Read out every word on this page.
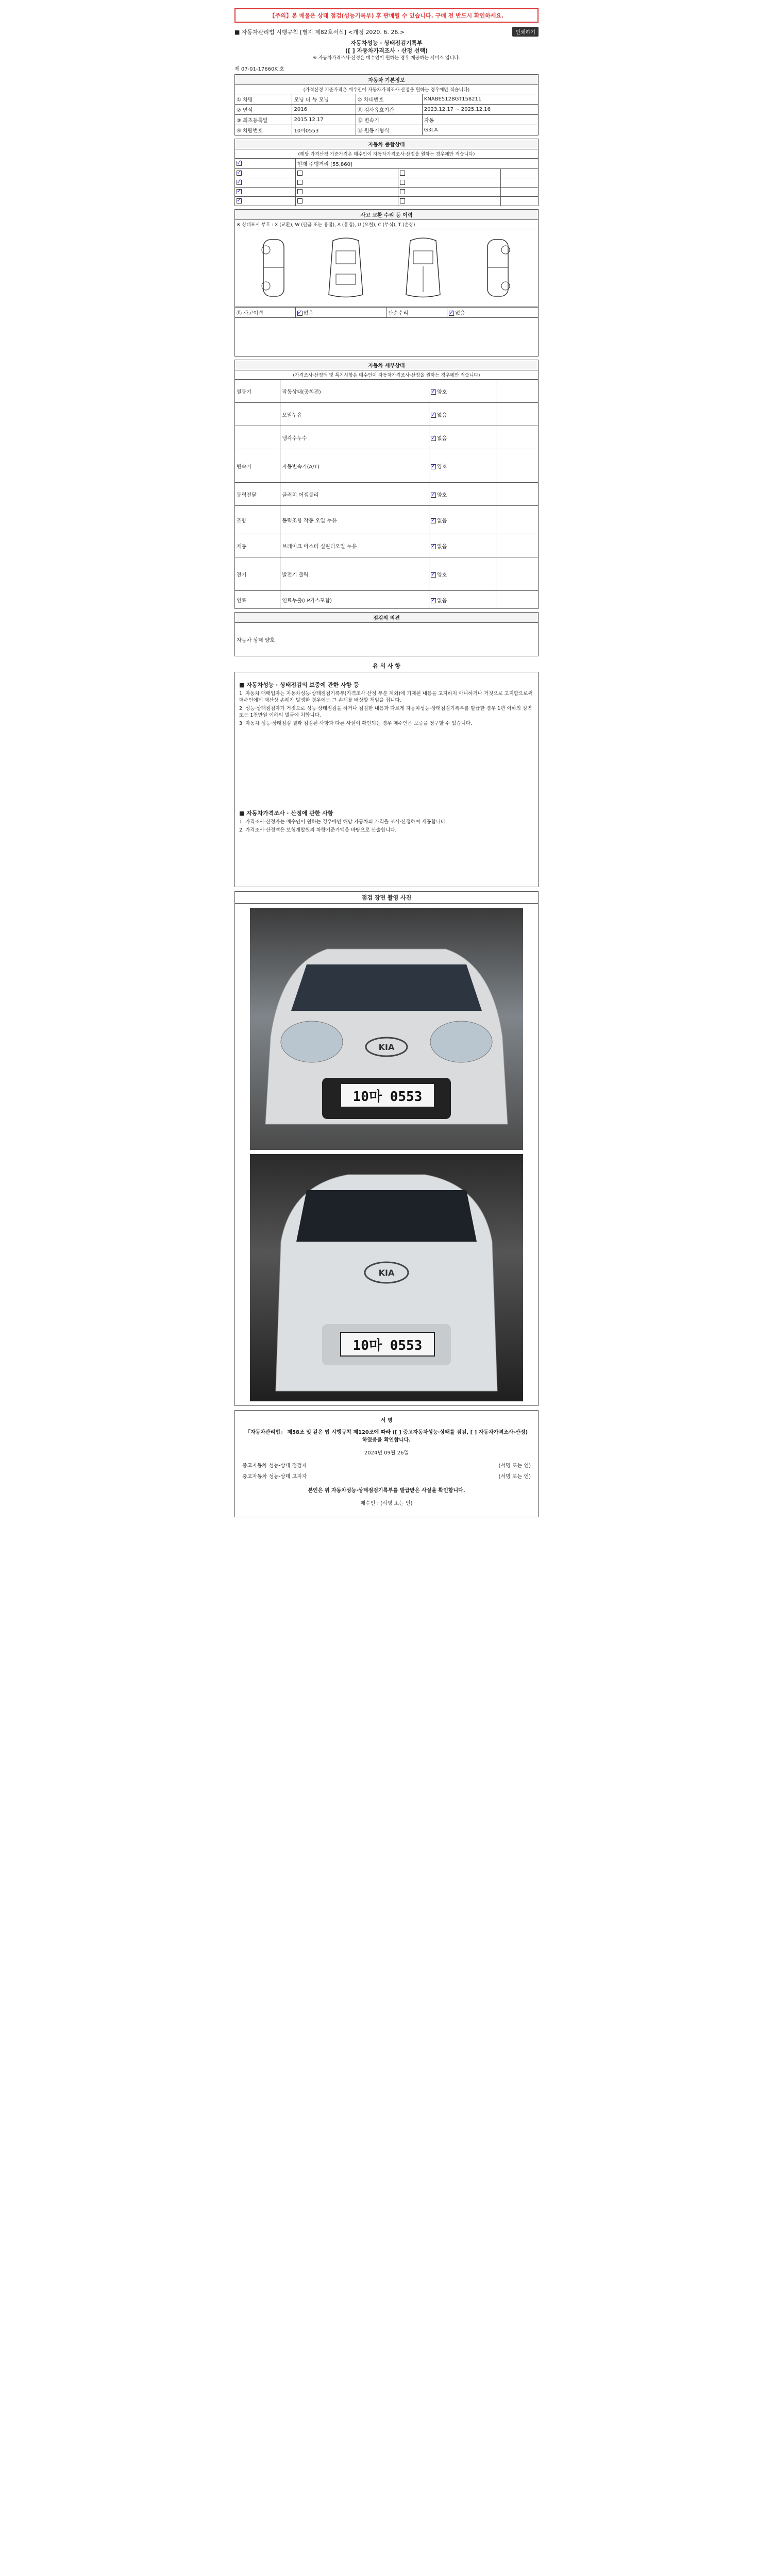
【주의】본 매물은 상태 점검(성능기록부) 후 판매될 수 있습니다. 구매 전 반드시 확인하세요.
■ 자동차관리법 시행규칙 [별지 제82호서식] <개정 2020. 6. 26.>	인쇄하기
자동차성능 · 상태점검기록부
([ ] 자동차가격조사 · 산정 선택)
※ 자동차가격조사·산정은 매수인이 원하는 경우 제공하는 서비스 입니다.
제 07-01-17660K 호
자동차 기본정보			
(가격산정 기준가격은 매수인이 자동차가격조사·산정을 원하는 경우에만 적습니다)			
① 차명	모닝 더 뉴 모닝	⑩ 차대번호	KNABE512BGT158211
② 연식	2016	⑪ 검사유효기간	2023.12.17 ~ 2025.12.16
③ 최초등록일	2015.12.17	⑫ 변속기	자동
④ 차량번호	10마0553	⑬ 원동기형식	G3LA
자동차 종합상태			
(해당 가격산정 기준가격은 매수인이 자동차가격조사·산정을 원하는 경우에만 적습니다)			
✓	현재 주행거리 [55,860]		
✓			
✓			
✓			
✓			
사고 교환 수리 등 이력
※ 상태표시 부호 : X (교환), W (판금 또는 용접), A (흠집), U (요철), C (부식), T (손상)
⑪ 사고이력	✓없음	단순수리	✓없음

자동차 세부상태			
(가격조사·산정액 및 특기사항은 매수인이 자동차가격조사·산정을 원하는 경우에만 적습니다)			
원동기	작동상태(공회전)	✓양호	
	오일누유	✓없음	
	냉각수누수	✓없음	
변속기	자동변속기(A/T)	✓양호	
동력전달	클러치 어셈블리	✓양호	
조향	동력조향 작동 오일 누유	✓없음	
제동	브레이크 마스터 실린더오일 누유	✓없음	
전기	발전기 출력	✓양호	
연료	연료누출(LP가스포함)	✓없음	
점검의 의견
자동차 상태 양호
유 의 사 항
■ 자동차성능 · 상태점검의 보증에 관한 사항 등

1. 자동차 매매업자는 자동차성능·상태점검기록부(가격조사·산정 부분 제외)에 기재된 내용을 고지하지 아니하거나 거짓으로 고지함으로써 매수인에게 재산상 손해가 발생한 경우에는 그 손해를 배상할 책임을 집니다.

2. 성능·상태점검자가 거짓으로 성능·상태점검을 하거나 점검한 내용과 다르게 자동차성능·상태점검기록부를 발급한 경우 1년 이하의 징역 또는 1천만원 이하의 벌금에 처합니다.

3. 자동차 성능·상태점검 결과 점검된 사항과 다른 사실이 확인되는 경우 매수인은 보증을 청구할 수 있습니다.

■ 자동차가격조사 · 산정에 관한 사항

1. 가격조사·산정자는 매수인이 원하는 경우에만 해당 자동차의 가격을 조사·산정하여 제공합니다.

2. 가격조사·산정액은 보험개발원의 차량기준가액을 바탕으로 산출합니다.

점검 장면 촬영 사진
KIA
10마 0553
KIA
10마 0553
서 명

「자동차관리법」 제58조 및 같은 법 시행규칙 제120조에 따라 ([ ] 중고자동차성능·상태를 점검, [ ] 자동차가격조사·산정) 하였음을 확인합니다.

2024년 09월 26일

중고자동차 성능·상태 점검자	(서명 또는 인)
중고자동차 성능·상태 고지자	(서명 또는 인)

본인은 위 자동차성능·상태점검기록부를 발급받은 사실을 확인합니다.

매수인 : (서명 또는 인)
